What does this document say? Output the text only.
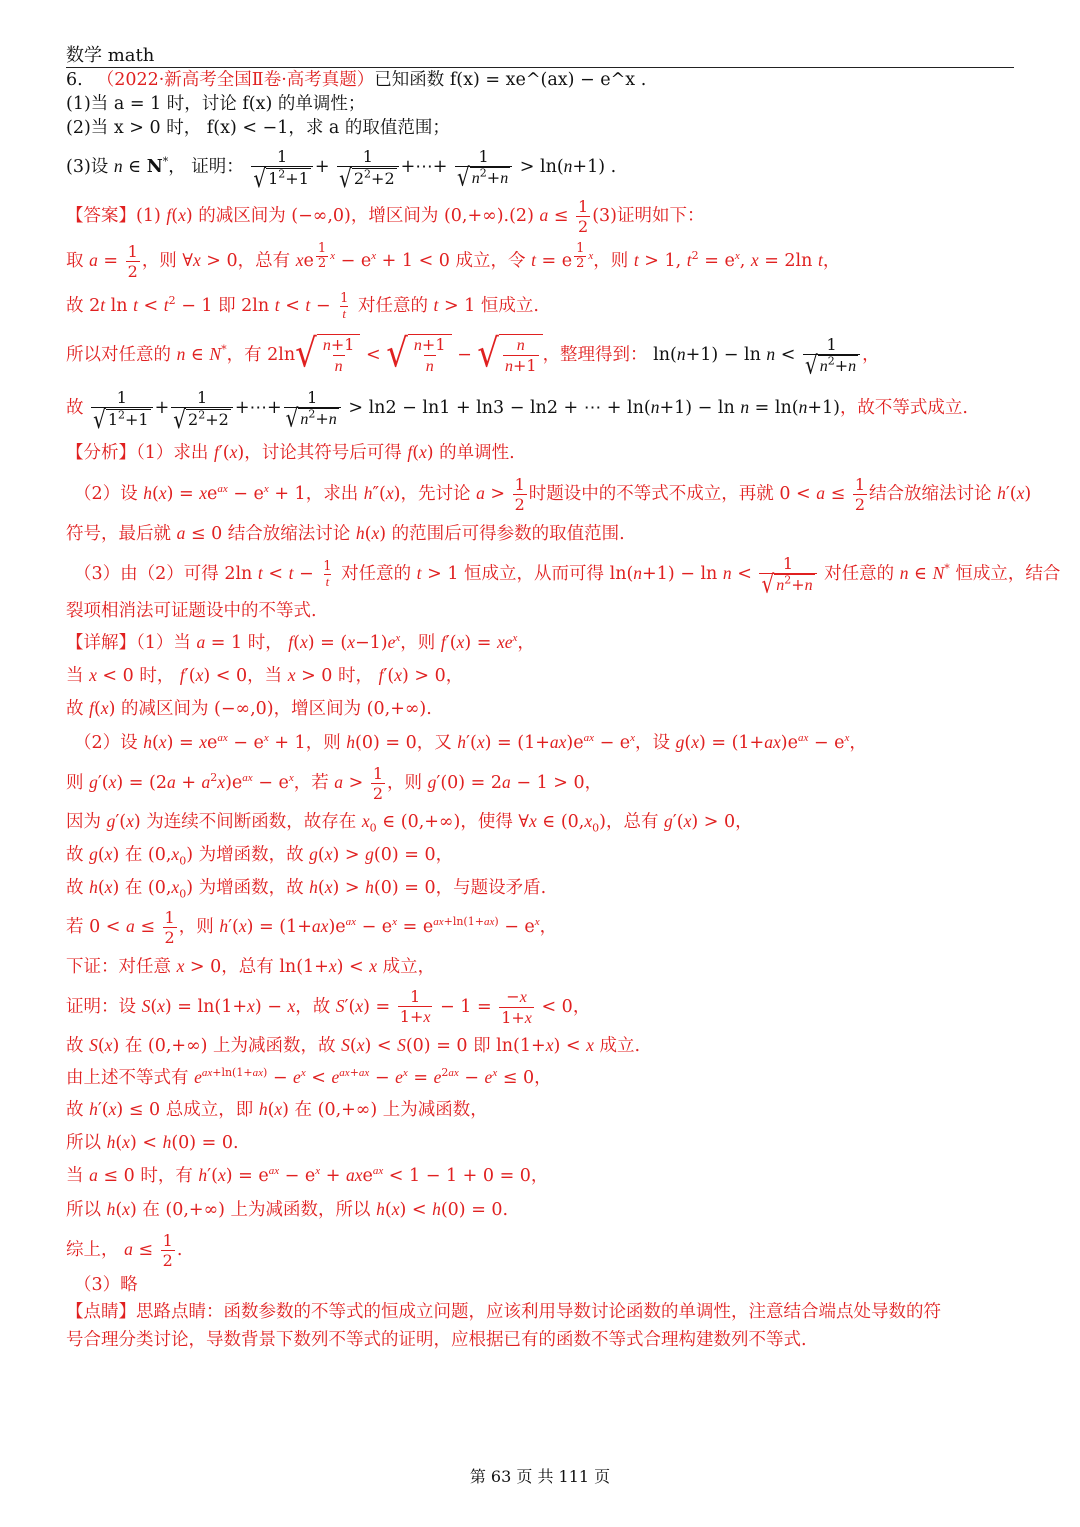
数学 math

6. （2022·新高考全国Ⅱ卷·高考真题）已知函数 f(x) = xe^(ax) − e^x .

(1)当 a = 1 时，讨论 f(x) 的单调性；

(2)当 x > 0 时， f(x) < −1，求 a 的取值范围；

(3)设 n ∈ N*， 证明： $\frac{1}{√ 1^2+1} + \frac{1}{√ 2^2+2}$ +⋯+ $\frac{1}{√ n^2+n} > \ln(n+1)$ .

【答案】(1) f(x) 的减区间为 (−∞,0)，增区间为 (0,+∞).(2) $a \le \frac{1}{2} (3)$证明如下：

取 $a = \frac{1}{2}$ ，则 ∀x > 0，总有 xe $^{\frac{1}{2} x} - e^x + 1 < 0$ 成立，令 t = e $^{\frac{1}{2} x}$，则 t > 1, $t^2 = e^x$, x = 2ln t，

故 2t $\ln t < t^2 - 1$ 即 2ln $t < t - \frac{1}{t}$ 对任意的 t > 1 恒成立.

所以对任意的 n ∈ N*，有 2ln √ $\frac{n+1}{n}$ < √ $\frac{n+1}{n}$ − √ $\frac{n}{n+1}$ ，整理得到： $\ln(n+1) - \ln n < \frac{1}{√ n^2+n}$ ，

故 $\frac{1}{√ 1^2+1} + \frac{1}{√ 2^2+2}$ +⋯+ $\frac{1}{√ n^2+n} > \ln 2 - \ln 1 + \ln 3 - \ln 2$ + ⋯ + ln(n+1) − ln n = ln(n+1)，故不等式成立.

【分析】（1）求出 f′(x)，讨论其符号后可得 f(x) 的单调性.

（2）设 $h(x) = xe^{ax} - e^x + 1$，求出 h″(x)，先讨论 $a > \frac{1}{2}$ 时题设中的不等式不成立，再就 $0 < a \le \frac{1}{2}$ 结合放缩法讨论 h′(x)

符号，最后就 a ≤ 0 结合放缩法讨论 h(x) 的范围后可得参数的取值范围.

（3）由（2）可得 2ln $t < t - \frac{1}{t}$ 对任意的 t > 1 恒成立，从而可得 $\ln(n+1) - \ln n < \frac{1}{√ n^2+n}$ 对任意的 n ∈ N* 恒成立，结合

裂项相消法可证题设中的不等式.

【详解】（1）当 a = 1 时， $f(x) = (x-1)e^x$，则 $f'(x) = xe^x$，

当 x < 0 时， f′(x) < 0，当 x > 0 时， f′(x) > 0，

故 f(x) 的减区间为 (−∞,0)，增区间为 (0,+∞).

（2）设 $h(x) = xe^{ax} - e^x + 1$，则 h(0) = 0，又 $h'(x) = (1+ax)e^{ax} - e^x$，设 $g(x) = (1+ax)e^{ax} - e^x$，

则 $g'(x) = (2a + a^2x)e^{ax} - e^x$，若 $a > \frac{1}{2}$ ，则 g′(0) = 2a − 1 > 0，

因为 g′(x) 为连续不间断函数，故存在 $x_0$ ∈ (0,+∞)，使得 ∀x ∈ $(0,x_0)$，总有 g′(x) > 0，

故 g(x) 在 $(0,x_0)$ 为增函数，故 g(x) > g(0) = 0，

故 h(x) 在 $(0,x_0)$ 为增函数，故 h(x) > h(0) = 0，与题设矛盾.

若 $0 < a \le \frac{1}{2}$ ，则 $h'(x) = (1+ax)e^{ax} - e^x = e^{ax+ln(1+ax)} - e^x$，

下证：对任意 x > 0，总有 ln(1+x) < x 成立，

证明：设 S(x) = ln(1+x) − x，故 $S'(x) = \frac{1}{1+x} - 1 = \frac{-x}{1+x} < 0$，

故 S(x) 在 (0,+∞) 上为减函数，故 S(x) < S(0) = 0 即 ln(1+x) < x 成立.

由上述不等式有 $e^{ax+ln(1+ax)} - e^x < e^{ax+ax} - e^x = e^{2ax} - e^x \le 0$，

故 h′(x) ≤ 0 总成立，即 h(x) 在 (0,+∞) 上为减函数，

所以 h(x) < h(0) = 0.

当 a ≤ 0 时，有 $h'(x) = e^{ax} - e^x + axe^{ax} < 1 - 1 + 0 = 0$，

所以 h(x) 在 (0,+∞) 上为减函数，所以 h(x) < h(0) = 0.

综上， $a \le \frac{1}{2}$ .

（3）略

【点睛】思路点睛：函数参数的不等式的恒成立问题，应该利用导数讨论函数的单调性，注意结合端点处导数的符

号合理分类讨论，导数背景下数列不等式的证明，应根据已有的函数不等式合理构建数列不等式.

第 63 页 共 111 页
